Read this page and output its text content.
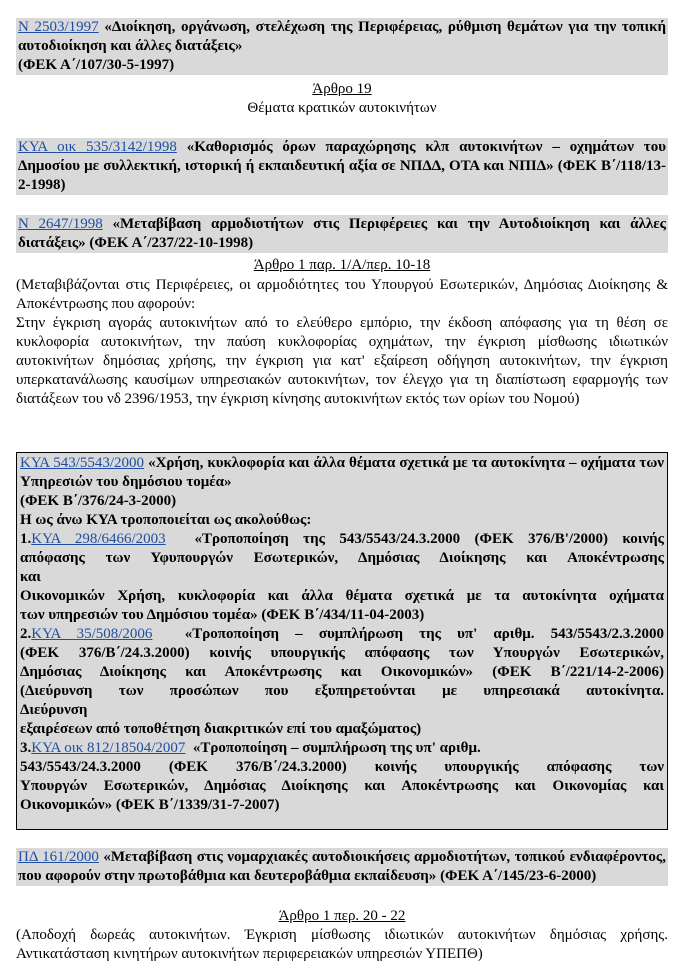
Ν 2503/1997 «Διοίκηση, οργάνωση, στελέχωση της Περιφέρειας, ρύθμιση θεμάτων για την τοπική αυτοδιοίκηση και άλλες διατάξεις»
(ΦΕΚ Α΄/107/30-5-1997)
Άρθρο 19
Θέματα κρατικών αυτοκινήτων
ΚΥΑ οικ 535/3142/1998 «Καθορισμός όρων παραχώρησης κλπ αυτοκινήτων – οχημάτων του Δημοσίου με συλλεκτική, ιστορική ή εκπαιδευτική αξία σε ΝΠΔΔ, ΟΤΑ και ΝΠΙΔ» (ΦΕΚ Β΄/118/13-2-1998)
Ν 2647/1998 «Μεταβίβαση αρμοδιοτήτων στις Περιφέρειες και την Αυτοδιοίκηση και άλλες διατάξεις» (ΦΕΚ Α΄/237/22-10-1998)
Άρθρο 1 παρ. 1/Α/περ. 10-18
(Μεταβιβάζονται στις Περιφέρειες, οι αρμοδιότητες του Υπουργού Εσωτερικών, Δημόσιας Διοίκησης & Αποκέντρωσης που αφορούν:
Στην έγκριση αγοράς αυτοκινήτων από το ελεύθερο εμπόριο, την έκδοση απόφασης για τη θέση σε κυκλοφορία αυτοκινήτων, την παύση κυκλοφορίας οχημάτων, την έγκριση μίσθωσης ιδιωτικών αυτοκινήτων δημόσιας χρήσης, την έγκριση για κατ' εξαίρεση οδήγηση αυτοκινήτων, την έγκριση υπερκατανάλωσης καυσίμων υπηρεσιακών αυτοκινήτων, τον έλεγχο για τη διαπίστωση εφαρμογής των διατάξεων του νδ 2396/1953, την έγκριση κίνησης αυτοκινήτων εκτός των ορίων του Νομού)
ΚΥΑ 543/5543/2000 «Χρήση, κυκλοφορία και άλλα θέματα σχετικά με τα αυτοκίνητα – οχήματα των Υπηρεσιών του δημόσιου τομέα»
(ΦΕΚ Β΄/376/24-3-2000)
Η ως άνω ΚΥΑ τροποποιείται ως ακολούθως:
1.ΚΥΑ 298/6466/2003 «Τροποποίηση της 543/5543/24.3.2000 (ΦΕΚ 376/Β'/2000) κοινής
απόφασης των Υφυπουργών Εσωτερικών, Δημόσιας Διοίκησης και Αποκέντρωσης
και
Οικονομικών Χρήση, κυκλοφορία και άλλα θέματα σχετικά με τα αυτοκίνητα οχήματα
των υπηρεσιών του Δημόσιου τομέα» (ΦΕΚ Β΄/434/11-04-2003)
2.ΚΥΑ 35/508/2006 «Τροποποίηση – συμπλήρωση της υπ' αριθμ. 543/5543/2.3.2000
(ΦΕΚ 376/Β΄/24.3.2000) κοινής υπουργικής απόφασης των Υπουργών Εσωτερικών,
Δημόσιας Διοίκησης και Αποκέντρωσης και Οικονομικών» (ΦΕΚ Β΄/221/14-2-2006)
(Διεύρυνση των προσώπων που εξυπηρετούνται με υπηρεσιακά αυτοκίνητα.
Διεύρυνση
εξαιρέσεων από τοποθέτηση διακριτικών επί του αμαξώματος)
3.ΚΥΑ οικ 812/18504/2007 «Τροποποίηση – συμπλήρωση της υπ' αριθμ.
543/5543/24.3.2000 (ΦΕΚ 376/Β΄/24.3.2000) κοινής υπουργικής απόφασης των
Υπουργών Εσωτερικών, Δημόσιας Διοίκησης και Αποκέντρωσης και Οικονομίας και
Οικονομικών» (ΦΕΚ Β΄/1339/31-7-2007)
ΠΔ 161/2000 «Μεταβίβαση στις νομαρχιακές αυτοδιοικήσεις αρμοδιοτήτων, τοπικού ενδιαφέροντος, που αφορούν στην πρωτοβάθμια και δευτεροβάθμια εκπαίδευση» (ΦΕΚ Α΄/145/23-6-2000)
Άρθρο 1 περ. 20 - 22
(Αποδοχή δωρεάς αυτοκινήτων. Έγκριση μίσθωσης ιδιωτικών αυτοκινήτων δημόσιας χρήσης. Αντικατάσταση κινητήρων αυτοκινήτων περιφερειακών υπηρεσιών ΥΠΕΠΘ)
